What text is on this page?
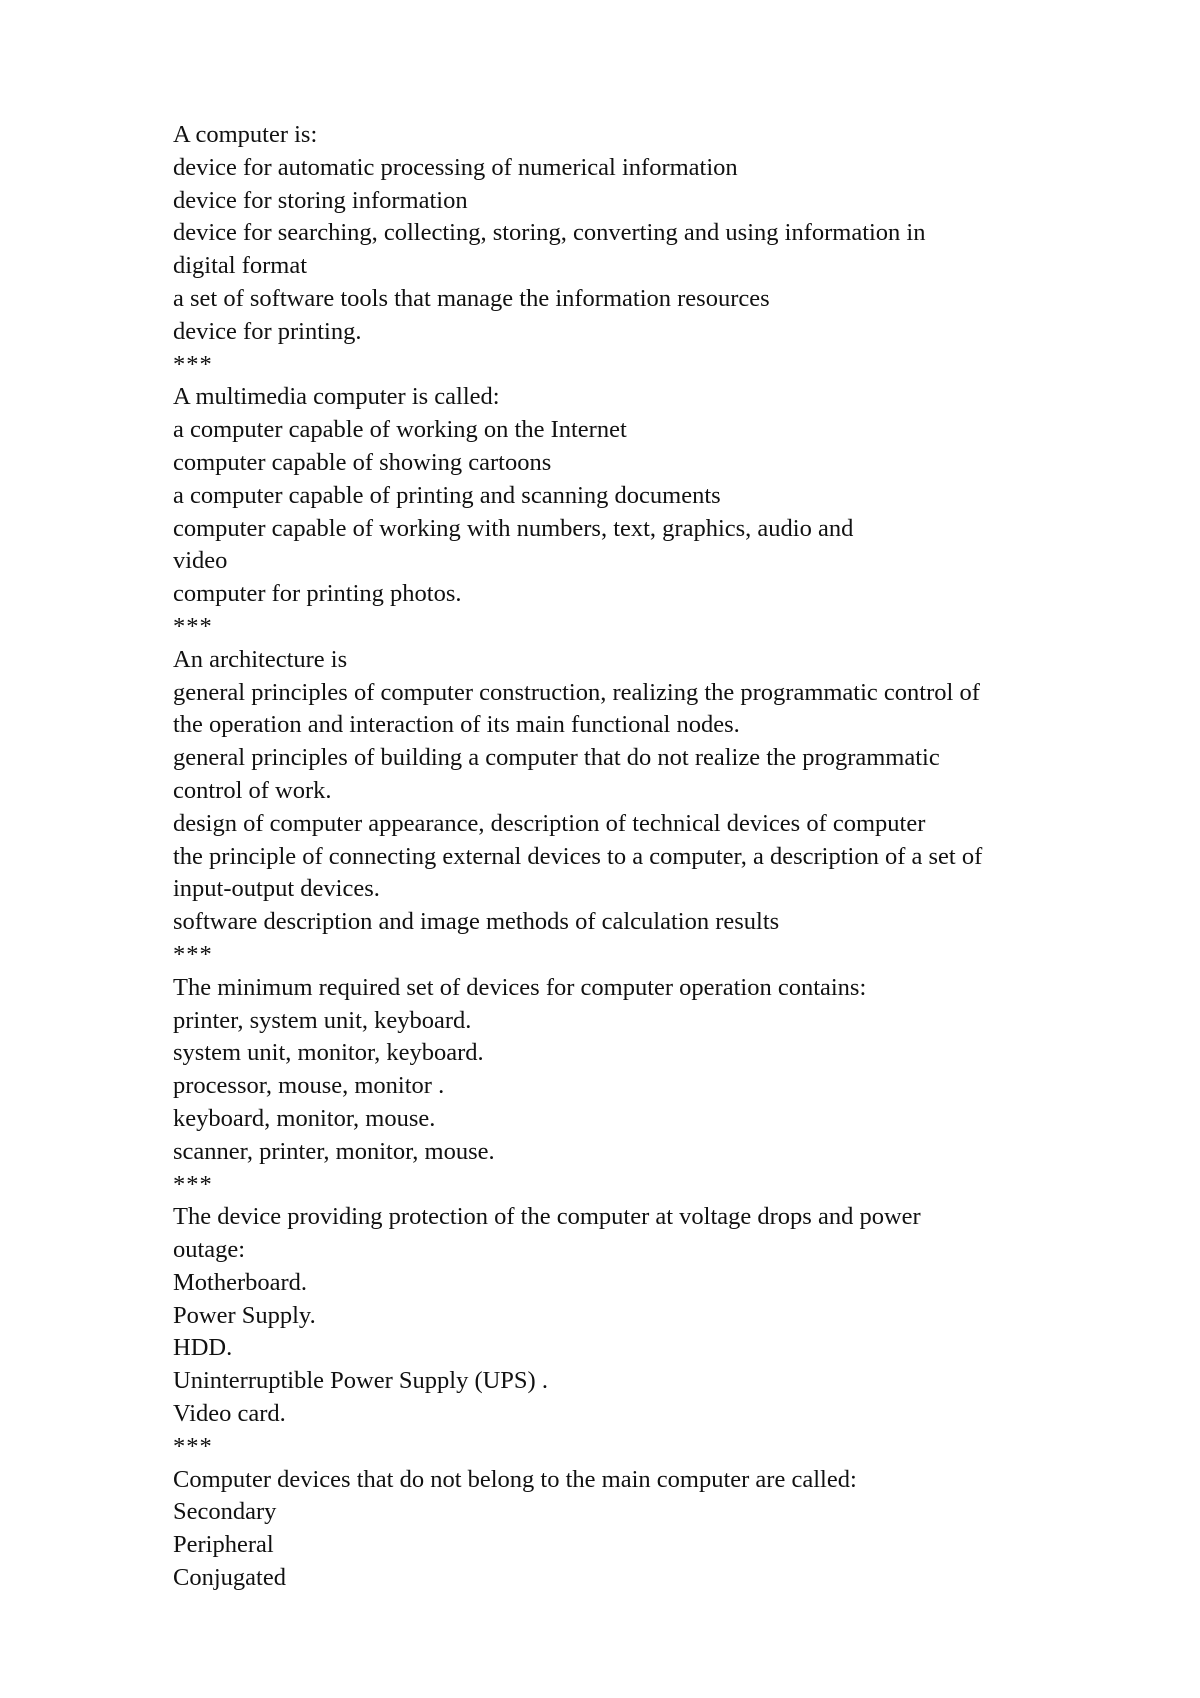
A computer is:
device for automatic processing of numerical information
device for storing information
device for searching, collecting, storing, converting and using information in
digital format
a set of software tools that manage the information resources
device for printing.
***
A multimedia computer is called:
a computer capable of working on the Internet
computer capable of showing cartoons
a computer capable of printing and scanning documents
computer capable of working with numbers, text, graphics, audio and
video
computer for printing photos.
***
An architecture is
general principles of computer construction, realizing the programmatic control of
the operation and interaction of its main functional nodes.
general principles of building a computer that do not realize the programmatic
control of work.
design of computer appearance, description of technical devices of computer
the principle of connecting external devices to a computer, a description of a set of
input-output devices.
software description and image methods of calculation results
***
The minimum required set of devices for computer operation contains:
printer, system unit, keyboard.
system unit, monitor, keyboard.
processor, mouse, monitor .
keyboard, monitor, mouse.
scanner, printer, monitor, mouse.
***
The device providing protection of the computer at voltage drops and power
outage:
Motherboard.
Power Supply.
HDD.
Uninterruptible Power Supply (UPS) .
Video card.
***
Computer devices that do not belong to the main computer are called:
Secondary
Peripheral
Conjugated
